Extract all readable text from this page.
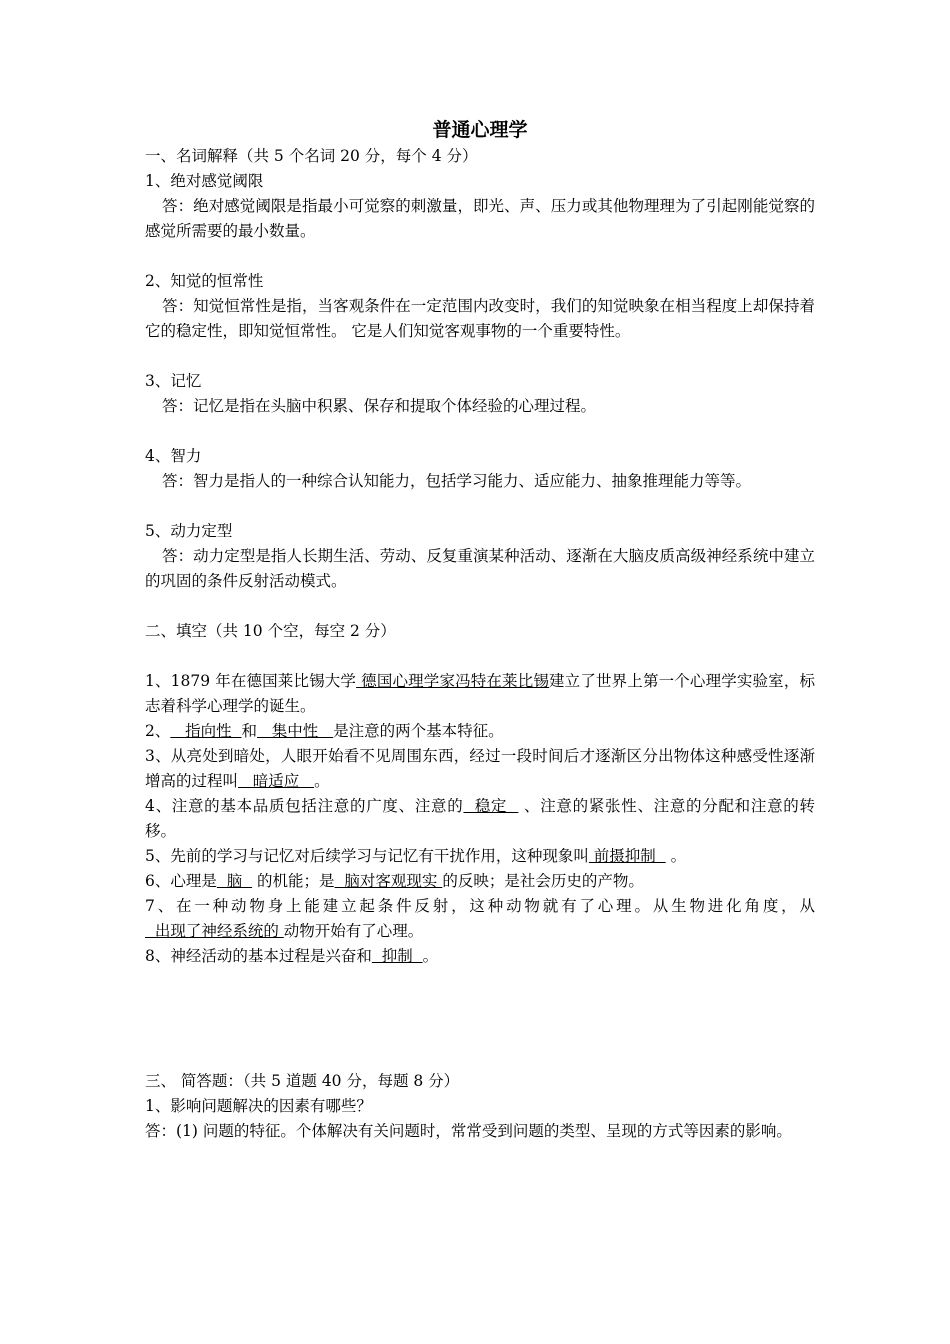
普通心理学
一、名词解释（共 5 个名词 20 分，每个 4 分）
1、绝对感觉阈限
答：绝对感觉阈限是指最小可觉察的刺激量，即光、声、压力或其他物理理为了引起刚能觉察的感觉所需要的最小数量。
2、知觉的恒常性
答：知觉恒常性是指，当客观条件在一定范围内改变时，我们的知觉映象在相当程度上却保持着它的稳定性，即知觉恒常性。 它是人们知觉客观事物的一个重要特性。
3、记忆
答：记忆是指在头脑中积累、保存和提取个体经验的心理过程。
4、智力
答：智力是指人的一种综合认知能力，包括学习能力、适应能力、抽象推理能力等等。
5、动力定型
答：动力定型是指人长期生活、劳动、反复重演某种活动、逐渐在大脑皮质高级神经系统中建立的巩固的条件反射活动模式。
二、填空（共 10 个空，每空 2 分）
1、1879 年在德国莱比锡大学 德国心理学家冯特在莱比锡建立了世界上第一个心理学实验室，标志着科学心理学的诞生。
2、   指向性  和   集中性   是注意的两个基本特征。
3、从亮处到暗处，人眼开始看不见周围东西，经过一段时间后才逐渐区分出物体这种感受性逐渐增高的过程叫   暗适应   。
4、注意的基本品质包括注意的广度、注意的  稳定   、注意的紧张性、注意的分配和注意的转移。
5、先前的学习与记忆对后续学习与记忆有干扰作用，这种现象叫 前摄抑制   。
6、心理是  脑   的机能；是  脑对客观现实 的反映；是社会历史的产物。
7、在一种动物身上能建立起条件反射，这种动物就有了心理。从生物进化角度，从  出现了神经系统的 动物开始有了心理。
8、神经活动的基本过程是兴奋和  抑制  。
三、 简答题：（共 5 道题 40 分，每题 8 分）
1、影响问题解决的因素有哪些？
答：(1) 问题的特征。个体解决有关问题时，常常受到问题的类型、呈现的方式等因素的影响。
